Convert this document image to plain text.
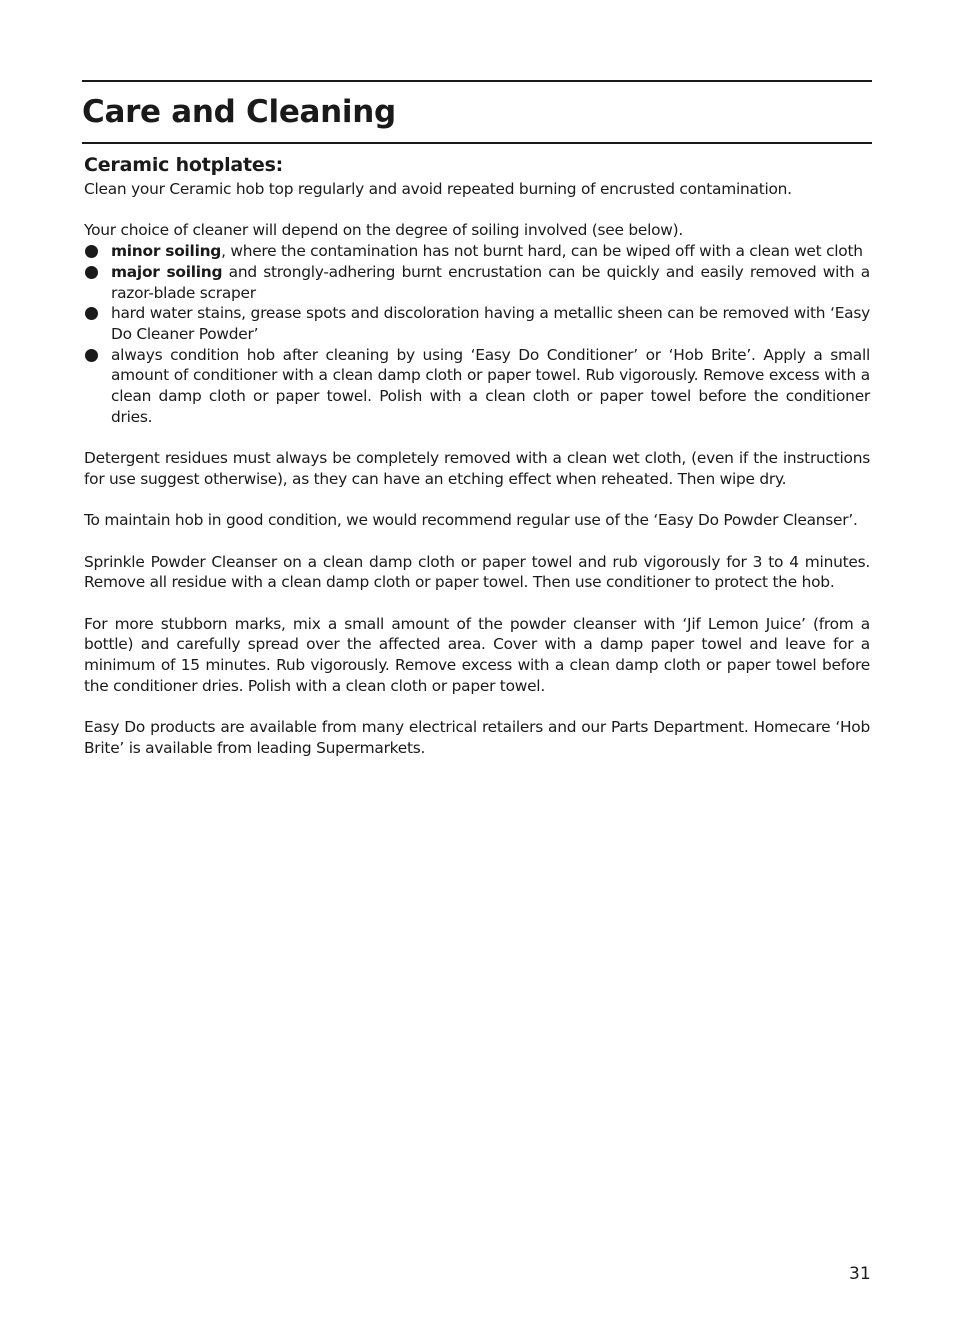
Care and Cleaning
Ceramic hotplates:

Clean your Ceramic hob top regularly and avoid repeated burning of encrusted contamination.

Your choice of cleaner will depend on the degree of soiling involved (see below).

minor soiling, where the contamination has not burnt hard, can be wiped off with a clean wet cloth
major soiling and strongly-adhering burnt encrustation can be quickly and easily removed with a razor-blade scraper
hard water stains, grease spots and discoloration having a metallic sheen can be removed with ‘Easy Do Cleaner Powder’
always condition hob after cleaning by using ‘Easy Do Conditioner’ or ‘Hob Brite’. Apply a small amount of conditioner with a clean damp cloth or paper towel. Rub vigorously. Remove excess with a clean damp cloth or paper towel. Polish with a clean cloth or paper towel before the conditioner dries.

Detergent residues must always be completely removed with a clean wet cloth, (even if the instructions for use suggest otherwise), as they can have an etching effect when reheated. Then wipe dry.

To maintain hob in good condition, we would recommend regular use of the ‘Easy Do Powder Cleanser’.

Sprinkle Powder Cleanser on a clean damp cloth or paper towel and rub vigorously for 3 to 4 minutes. Remove all residue with a clean damp cloth or paper towel. Then use conditioner to protect the hob.

For more stubborn marks, mix a small amount of the powder cleanser with ‘Jif Lemon Juice’ (from a bottle) and carefully spread over the affected area. Cover with a damp paper towel and leave for a minimum of 15 minutes. Rub vigorously. Remove excess with a clean damp cloth or paper towel before the conditioner dries. Polish with a clean cloth or paper towel.

Easy Do products are available from many electrical retailers and our Parts Department. Homecare ‘Hob Brite’ is available from leading Supermarkets.

31
